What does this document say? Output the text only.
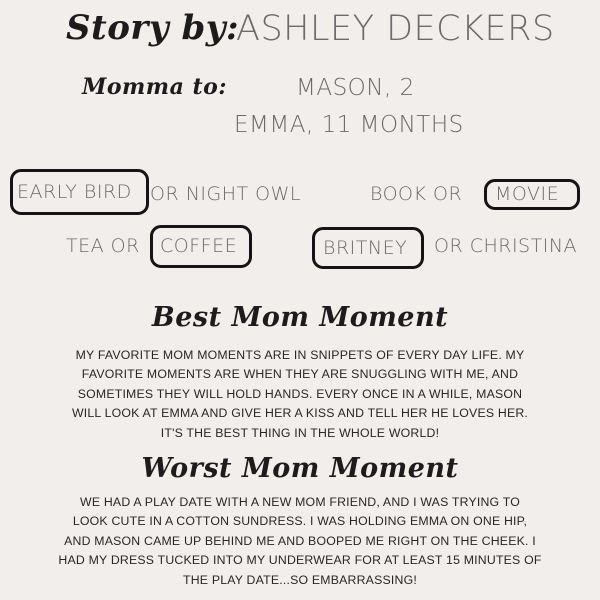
Story by:
ASHLEY DECKERS
Momma to:	MASON, 2
EMMA, 11 MONTHS
EARLY BIRD OR NIGHT OWL	BOOK OR	MOVIE
TEA OR	COFFEE	BRITNEY	OR CHRISTINA
Best Mom Moment
MY FAVORITE MOM MOMENTS ARE IN SNIPPETS OF EVERY DAY LIFE. MY
FAVORITE MOMENTS ARE WHEN THEY ARE SNUGGLING WITH ME, AND
SOMETIMES THEY WILL HOLD HANDS. EVERY ONCE IN A WHILE, MASON
WILL LOOK AT EMMA AND GIVE HER A KISS AND TELL HER HE LOVES HER.
IT'S THE BEST THING IN THE WHOLE WORLD!
Worst Mom Moment
WE HAD A PLAY DATE WITH A NEW MOM FRIEND, AND I WAS TRYING TO
LOOK CUTE IN A COTTON SUNDRESS. I WAS HOLDING EMMA ON ONE HIP,
AND MASON CAME UP BEHIND ME AND BOOPED ME RIGHT ON THE CHEEK. I
HAD MY DRESS TUCKED INTO MY UNDERWEAR FOR AT LEAST 15 MINUTES OF
THE PLAY DATE...SO EMBARRASSING!
